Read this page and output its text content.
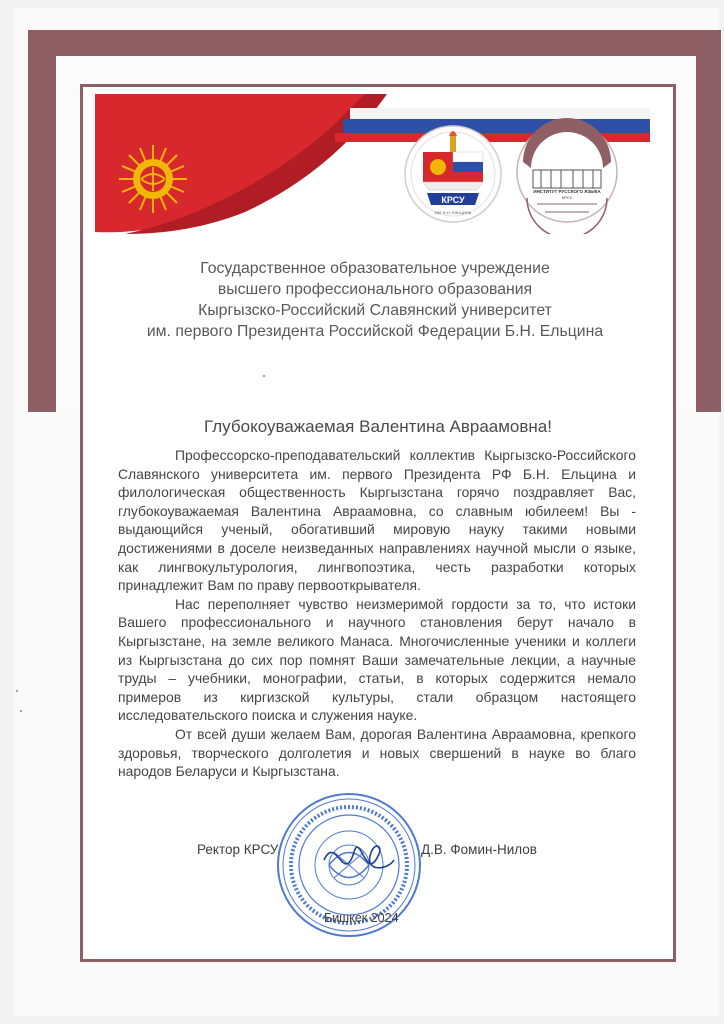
КРСУ
ИМ. Б.Н. ЕЛЬЦИНА
ИНСТИТУТ РУССКОГО ЯЗЫКА
КРСУ
Государственное образовательное учреждение
высшего профессионального образования
Кыргызско-Российский Славянский университет
им. первого Президента Российской Федерации Б.Н. Ельцина
Глубокоуважаемая Валентина Авраамовна!

Профессорско-преподавательский коллектив Кыргызско-Российского Славянского университета им. первого Президента РФ Б.Н. Ельцина и филологическая общественность Кыргызстана горячо поздравляет Вас, глубокоуважаемая Валентина Авраамовна, со славным юбилеем! Вы - выдающийся ученый, обогативший мировую науку такими новыми достижениями в доселе неизведанных направлениях научной мысли о языке, как лингвокультурология, лингвопоэтика, честь разработки которых принадлежит Вам по праву первооткрывателя.

Нас переполняет чувство неизмеримой гордости за то, что истоки Вашего профессионального и научного становления берут начало в Кыргызстане, на земле великого Манаса. Многочисленные ученики и коллеги из Кыргызстана до сих пор помнят Ваши замечательные лекции, а научные труды – учебники, монографии, статьи, в которых содержится немало примеров из киргизской культуры, стали образцом настоящего исследовательского поиска и служения науке.

От всей души желаем Вам, дорогая Валентина Авраамовна, крепкого здоровья, творческого долголетия и новых свершений в науке во благо народов Беларуси и Кыргызстана.

Ректор КРСУ	Д.В. Фомин-Нилов
Бишкек 2024
